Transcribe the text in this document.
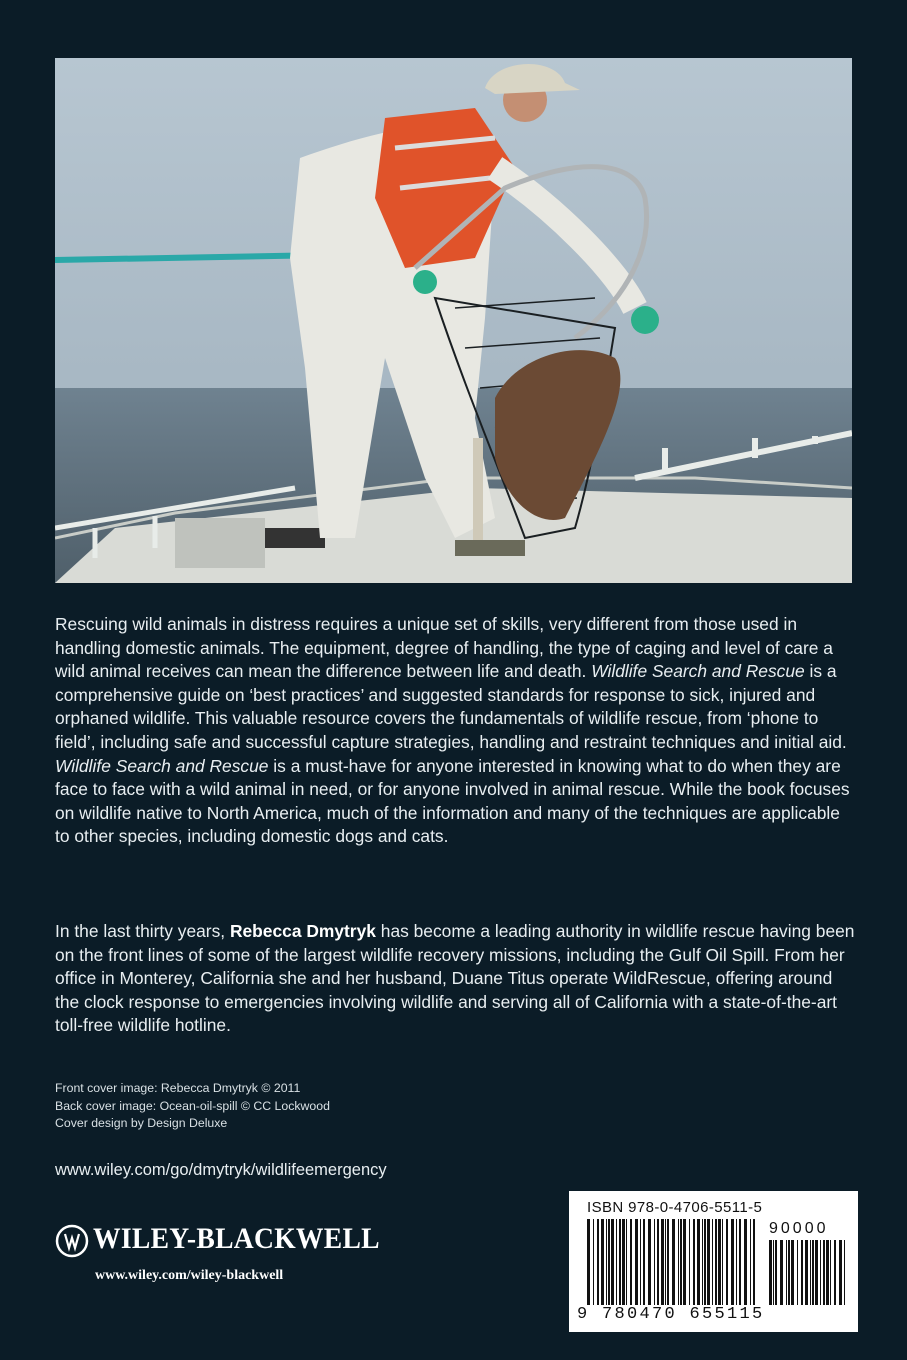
Rescuing wild animals in distress requires a unique set of skills, very different from those used in handling domestic animals. The equipment, degree of handling, the type of caging and level of care a wild animal receives can mean the difference between life and death. Wildlife Search and Rescue is a comprehensive guide on ‘best practices’ and suggested standards for response to sick, injured and orphaned wildlife. This valuable resource covers the fundamentals of wildlife rescue, from ‘phone to field’, including safe and successful capture strategies, handling and restraint techniques and initial aid. Wildlife Search and Rescue is a must-have for anyone interested in knowing what to do when they are face to face with a wild animal in need, or for anyone involved in animal rescue. While the book focuses on wildlife native to North America, much of the information and many of the techniques are applicable to other species, including domestic dogs and cats.

In the last thirty years, Rebecca Dmytryk has become a leading authority in wildlife rescue having been on the front lines of some of the largest wildlife recovery missions, including the Gulf Oil Spill. From her office in Monterey, California she and her husband, Duane Titus operate WildRescue, offering around the clock response to emergencies involving wildlife and serving all of California with a state-of-the-art toll-free wildlife hotline.

Front cover image: Rebecca Dmytryk © 2011
Back cover image: Ocean-oil-spill © CC Lockwood
Cover design by Design Deluxe
www.wiley.com/go/dmytryk/wildlifeemergency
WILEY-BLACKWELL
www.wiley.com/wiley-blackwell
ISBN 978-0-4706-5511-5
90000
9 780470 655115
